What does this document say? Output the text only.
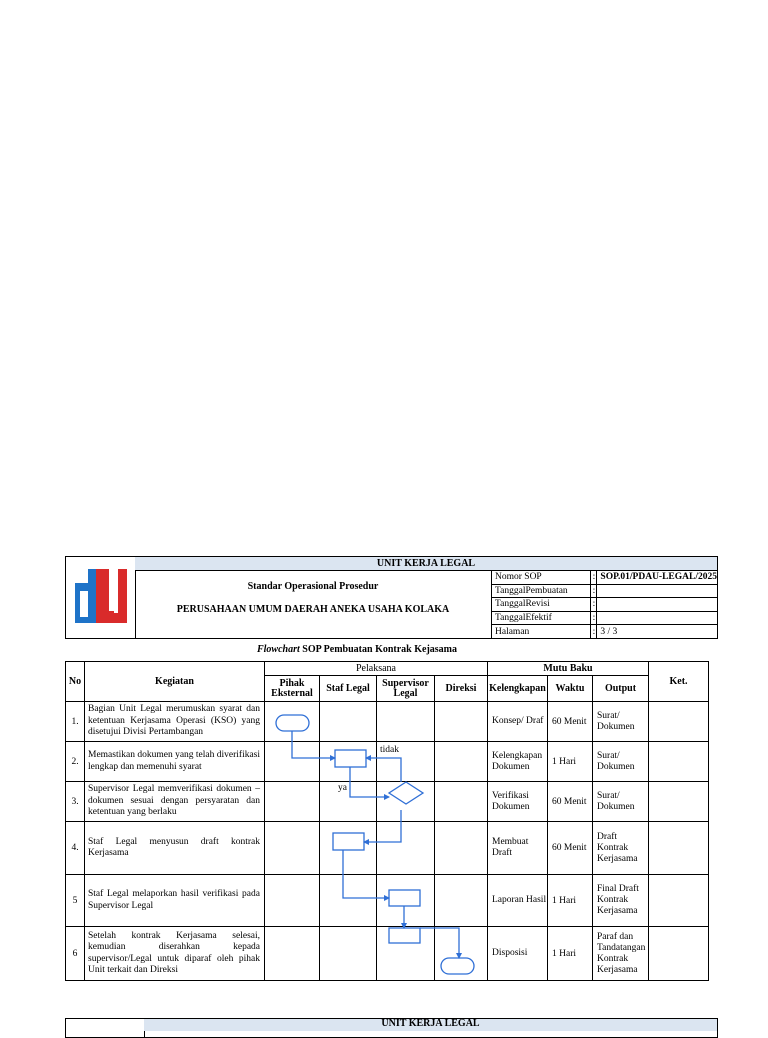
UNIT KERJA LEGAL
Standar Operasional Prosedur
PERUSAHAAN UMUM DAERAH ANEKA USAHA KOLAKA
Nomor SOP	:	SOP.01/PDAU-LEGAL/2025
TanggalPembuatan	:	
TanggalRevisi	:	
TanggalEfektif	:	
Halaman	:	3 / 3
Flowchart SOP Pembuatan Kontrak Kejasama
No	Kegiatan	Pelaksana				Mutu Baku			Ket.
		Pihak Eksternal	Staf Legal	Supervisor Legal	Direksi	Kelengkapan	Waktu	Output	
1.	Bagian Unit Legal merumuskan syarat dan ketentuan Kerjasama Operasi (KSO) yang disetujui Divisi Pertambangan					Konsep/ Draf	60 Menit	Surat/ Dokumen	
2.	Memastikan dokumen yang telah diverifikasi lengkap dan memenuhi syarat					Kelengkapan Dokumen	1 Hari	Surat/ Dokumen	
3.	Supervisor Legal memverifikasi dokumen – dokumen sesuai dengan persyaratan dan ketentuan yang berlaku					Verifikasi Dokumen	60 Menit	Surat/ Dokumen	
4.	Staf Legal menyusun draft kontrak Kerjasama					Membuat Draft	60 Menit	Draft Kontrak Kerjasama	
5	Staf Legal melaporkan hasil verifikasi pada Supervisor Legal					Laporan Hasil	1 Hari	Final Draft Kontrak Kerjasama	
6	Setelah kontrak Kerjasama selesai, kemudian diserahkan kepada supervisor/Legal untuk diparaf oleh pihak Unit terkait dan Direksi					Disposisi	1 Hari	Paraf dan Tandatangan Kontrak Kerjasama	
tidak
ya
UNIT KERJA LEGAL
